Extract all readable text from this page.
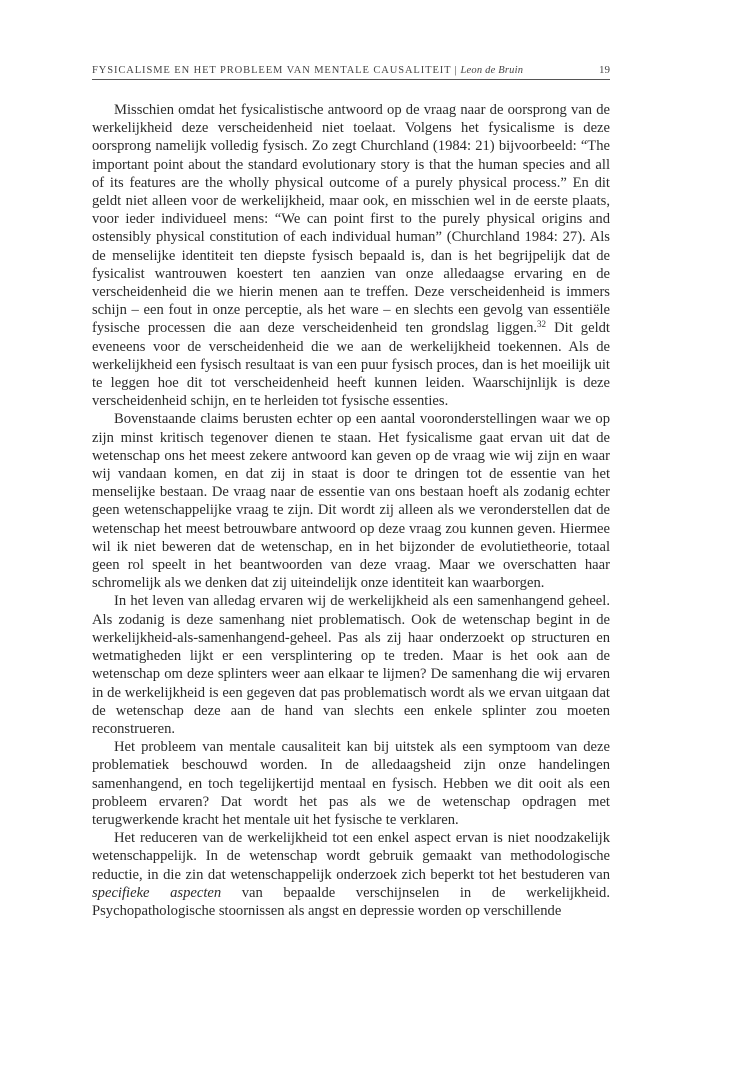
FYSICALISME EN HET PROBLEEM VAN MENTALE CAUSALITEIT | Leon de Bruin	19

Misschien omdat het fysicalistische antwoord op de vraag naar de oorsprong van de werkelijkheid deze verscheidenheid niet toelaat. Volgens het fysicalisme is deze oorsprong namelijk volledig fysisch. Zo zegt Churchland (1984: 21) bijvoorbeeld: “The important point about the standard evolutionary story is that the human species and all of its features are the wholly physical outcome of a purely physical process.” En dit geldt niet alleen voor de werkelijkheid, maar ook, en misschien wel in de eerste plaats, voor ieder individueel mens: “We can point first to the purely physical origins and ostensibly physical constitution of each individual human” (Churchland 1984: 27). Als de menselijke identiteit ten diepste fysisch bepaald is, dan is het begrijpelijk dat de fysicalist wantrouwen koestert ten aanzien van onze alledaagse ervaring en de verscheidenheid die we hierin menen aan te treffen. Deze verscheidenheid is immers schijn – een fout in onze perceptie, als het ware – en slechts een gevolg van essentiële fysische processen die aan deze verscheidenheid ten grondslag liggen.$^{32}$ Dit geldt eveneens voor de verscheidenheid die we aan de werkelijkheid toekennen. Als de werkelijkheid een fysisch resultaat is van een puur fysisch proces, dan is het moeilijk uit te leggen hoe dit tot verscheidenheid heeft kunnen leiden. Waarschijnlijk is deze verscheidenheid schijn, en te herleiden tot fysische essenties.

Bovenstaande claims berusten echter op een aantal vooronderstellingen waar we op zijn minst kritisch tegenover dienen te staan. Het fysicalisme gaat ervan uit dat de wetenschap ons het meest zekere antwoord kan geven op de vraag wie wij zijn en waar wij vandaan komen, en dat zij in staat is door te dringen tot de essentie van het menselijke bestaan. De vraag naar de essentie van ons bestaan hoeft als zodanig echter geen wetenschappelijke vraag te zijn. Dit wordt zij alleen als we veronderstellen dat de wetenschap het meest betrouwbare antwoord op deze vraag zou kunnen geven. Hiermee wil ik niet beweren dat de wetenschap, en in het bijzonder de evolutietheorie, totaal geen rol speelt in het beantwoorden van deze vraag. Maar we overschatten haar schromelijk als we denken dat zij uiteindelijk onze identiteit kan waarborgen.

In het leven van alledag ervaren wij de werkelijkheid als een samenhangend geheel. Als zodanig is deze samenhang niet problematisch. Ook de wetenschap begint in de werkelijkheid-als-samenhangend-geheel. Pas als zij haar onderzoekt op structuren en wetmatigheden lijkt er een versplintering op te treden. Maar is het ook aan de wetenschap om deze splinters weer aan elkaar te lijmen? De samenhang die wij ervaren in de werkelijkheid is een gegeven dat pas problematisch wordt als we ervan uitgaan dat de wetenschap deze aan de hand van slechts een enkele splinter zou moeten reconstrueren.

Het probleem van mentale causaliteit kan bij uitstek als een symptoom van deze problematiek beschouwd worden. In de alledaagsheid zijn onze handelingen samenhangend, en toch tegelijkertijd mentaal en fysisch. Hebben we dit ooit als een probleem ervaren? Dat wordt het pas als we de wetenschap opdragen met terugwerkende kracht het mentale uit het fysische te verklaren.

Het reduceren van de werkelijkheid tot een enkel aspect ervan is niet noodzakelijk wetenschappelijk. In de wetenschap wordt gebruik gemaakt van methodologische reductie, in die zin dat wetenschappelijk onderzoek zich beperkt tot het bestuderen van specifieke aspecten van bepaalde verschijnselen in de werkelijkheid. Psychopathologische stoornissen als angst en depressie worden op verschillende
